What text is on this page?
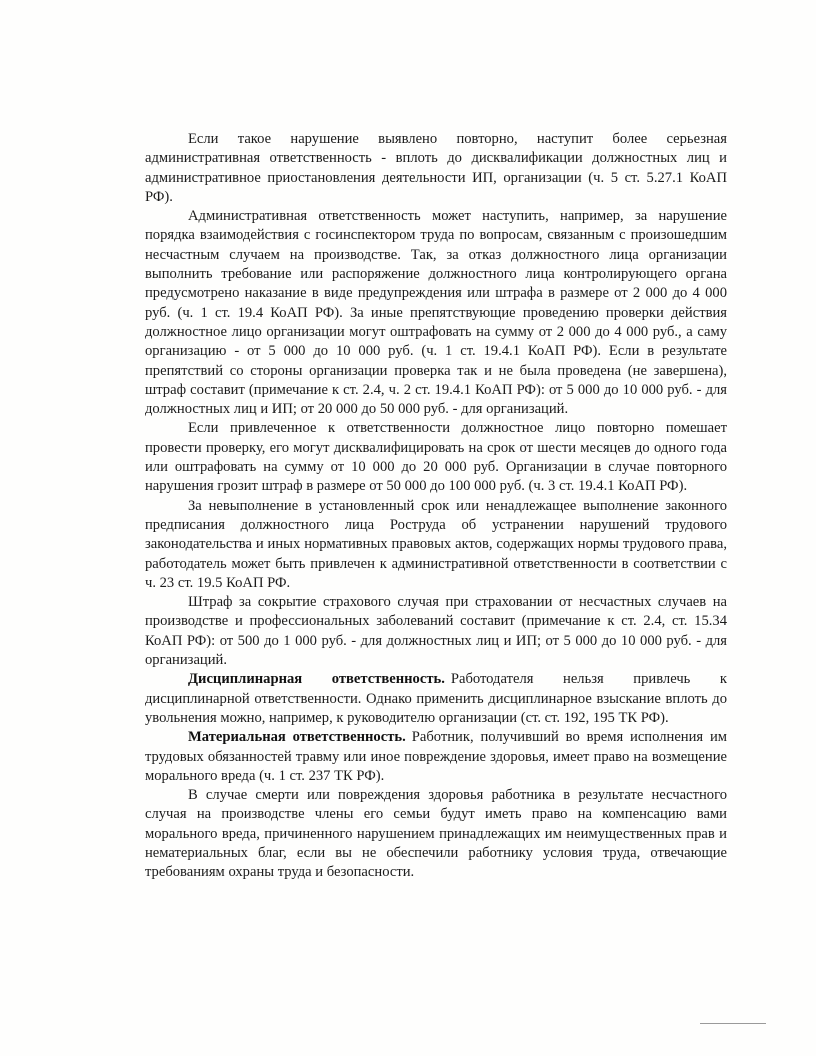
Если такое нарушение выявлено повторно, наступит более серьезная административная ответственность - вплоть до дисквалификации должностных лиц и административное приостановления деятельности ИП, организации (ч. 5 ст. 5.27.1 КоАП РФ).

Административная ответственность может наступить, например, за нарушение порядка взаимодействия с госинспектором труда по вопросам, связанным с произошедшим несчастным случаем на производстве. Так, за отказ должностного лица организации выполнить требование или распоряжение должностного лица контролирующего органа предусмотрено наказание в виде предупреждения или штрафа в размере от 2 000 до 4 000 руб. (ч. 1 ст. 19.4 КоАП РФ). За иные препятствующие проведению проверки действия должностное лицо организации могут оштрафовать на сумму от 2 000 до 4 000 руб., а саму организацию - от 5 000 до 10 000 руб. (ч. 1 ст. 19.4.1 КоАП РФ). Если в результате препятствий со стороны организации проверка так и не была проведена (не завершена), штраф составит (примечание к ст. 2.4, ч. 2 ст. 19.4.1 КоАП РФ): от 5 000 до 10 000 руб. - для должностных лиц и ИП; от 20 000 до 50 000 руб. - для организаций.

Если привлеченное к ответственности должностное лицо повторно помешает провести проверку, его могут дисквалифицировать на срок от шести месяцев до одного года или оштрафовать на сумму от 10 000 до 20 000 руб. Организации в случае повторного нарушения грозит штраф в размере от 50 000 до 100 000 руб. (ч. 3 ст. 19.4.1 КоАП РФ).

За невыполнение в установленный срок или ненадлежащее выполнение законного предписания должностного лица Роструда об устранении нарушений трудового законодательства и иных нормативных правовых актов, содержащих нормы трудового права, работодатель может быть привлечен к административной ответственности в соответствии с ч. 23 ст. 19.5 КоАП РФ.

Штраф за сокрытие страхового случая при страховании от несчастных случаев на производстве и профессиональных заболеваний составит (примечание к ст. 2.4, ст. 15.34 КоАП РФ): от 500 до 1 000 руб. - для должностных лиц и ИП; от 5 000 до 10 000 руб. - для организаций.

Дисциплинарная ответственность. Работодателя нельзя привлечь к дисциплинарной ответственности. Однако применить дисциплинарное взыскание вплоть до увольнения можно, например, к руководителю организации (ст. ст. 192, 195 ТК РФ).

Материальная ответственность. Работник, получивший во время исполнения им трудовых обязанностей травму или иное повреждение здоровья, имеет право на возмещение морального вреда (ч. 1 ст. 237 ТК РФ).

В случае смерти или повреждения здоровья работника в результате несчастного случая на производстве члены его семьи будут иметь право на компенсацию вами морального вреда, причиненного нарушением принадлежащих им неимущественных прав и нематериальных благ, если вы не обеспечили работнику условия труда, отвечающие требованиям охраны труда и безопасности.
